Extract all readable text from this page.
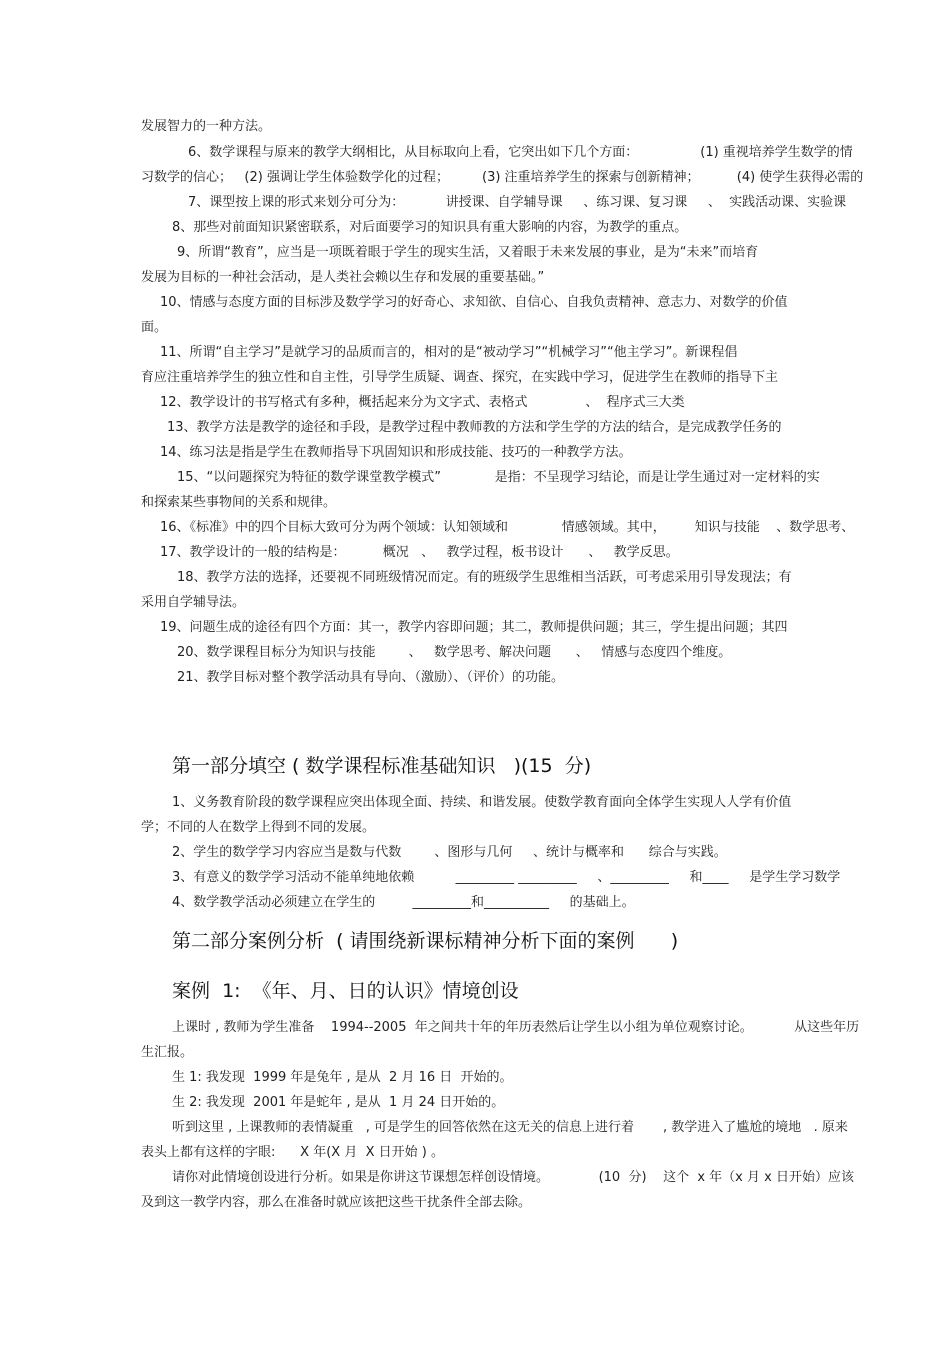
发展智力的一种方法。
6、数学课程与原来的教学大纲相比，从目标取向上看，它突出如下几个方面：               (1) 重视培养学生数学的情
习数学的信心；   (2) 强调让学生体验数学化的过程；        (3) 注重培养学生的探索与创新精神；         (4) 使学生获得必需的
7、课型按上课的形式来划分可分为：          讲授课、自学辅导课     、练习课、复习课     、  实践活动课、实验课
8、那些对前面知识紧密联系，对后面要学习的知识具有重大影响的内容，为教学的重点。
9、所谓“教育”，应当是一项既着眼于学生的现实生活，又着眼于未来发展的事业，是为“未来”而培育
发展为目标的一种社会活动，是人类社会赖以生存和发展的重要基础。”
10、情感与态度方面的目标涉及数学学习的好奇心、求知欲、自信心、自我负责精神、意志力、对数学的价值
面。
11、所谓“自主学习”是就学习的品质而言的，相对的是“被动学习”“机械学习”“他主学习”。新课程倡
育应注重培养学生的独立性和自主性，引导学生质疑、调查、探究，在实践中学习，促进学生在教师的指导下主
12、教学设计的书写格式有多种，概括起来分为文字式、表格式              、  程序式三大类
13、教学方法是教学的途径和手段，是教学过程中教师教的方法和学生学的方法的结合，是完成教学任务的
14、练习法是指是学生在教师指导下巩固知识和形成技能、技巧的一种教学方法。
15、“以问题探究为特征的数学课堂教学模式”             是指：不呈现学习结论，而是让学生通过对一定材料的实
和探索某些事物间的关系和规律。
16、《标准》中的四个目标大致可分为两个领域：认知领域和             情感领域。其中，       知识与技能    、数学思考、
17、教学设计的一般的结构是：         概况   、   教学过程，板书设计      、   教学反思。
18、教学方法的选择，还要视不同班级情况而定。有的班级学生思维相当活跃，可考虑采用引导发现法；有
采用自学辅导法。
19、问题生成的途径有四个方面：其一，教学内容即问题；其二，教师提供问题；其三，学生提出问题；其四
20、数学课程目标分为知识与技能        、   数学思考、解决问题      、   情感与态度四个维度。
21、教学目标对整个教学活动具有导向、（激励）、（评价）的功能。
第一部分填空 ( 数学课程标准基础知识   )(15  分)
1、义务教育阶段的数学课程应突出体现全面、持续、和谐发展。使数学教育面向全体学生实现人人学有价值
学；不同的人在数学上得到不同的发展。
2、学生的数学学习内容应当是数与代数        、图形与几何     、统计与概率和      综合与实践。
3、有意义的数学学习活动不能单纯地依赖          _________ _________     、_________     和____     是学生学习数学
4、数学教学活动必须建立在学生的         _________和__________     的基础上。
第二部分案例分析  ( 请围绕新课标精神分析下面的案例      )
案例  1:  《年、月、日的认识》情境创设
上课时 , 教师为学生准备    1994--2005  年之间共十年的年历表然后让学生以小组为单位观察讨论。          从这些年历
生汇报。
生 1: 我发现  1999 年是兔年 , 是从  2 月 16 日  开始的。
生 2: 我发现  2001 年是蛇年 , 是从  1 月 24 日开始的。
听到这里 , 上课教师的表情凝重   , 可是学生的回答依然在这无关的信息上进行着       , 教学进入了尴尬的境地   . 原来
表头上都有这样的字眼:      X 年(X 月  X 日开始 ) 。
请你对此情境创设进行分析。如果是你讲这节课想怎样创设情境。            (10  分)    这个  x 年（x 月 x 日开始）应该
及到这一教学内容，那么在准备时就应该把这些干扰条件全部去除。
